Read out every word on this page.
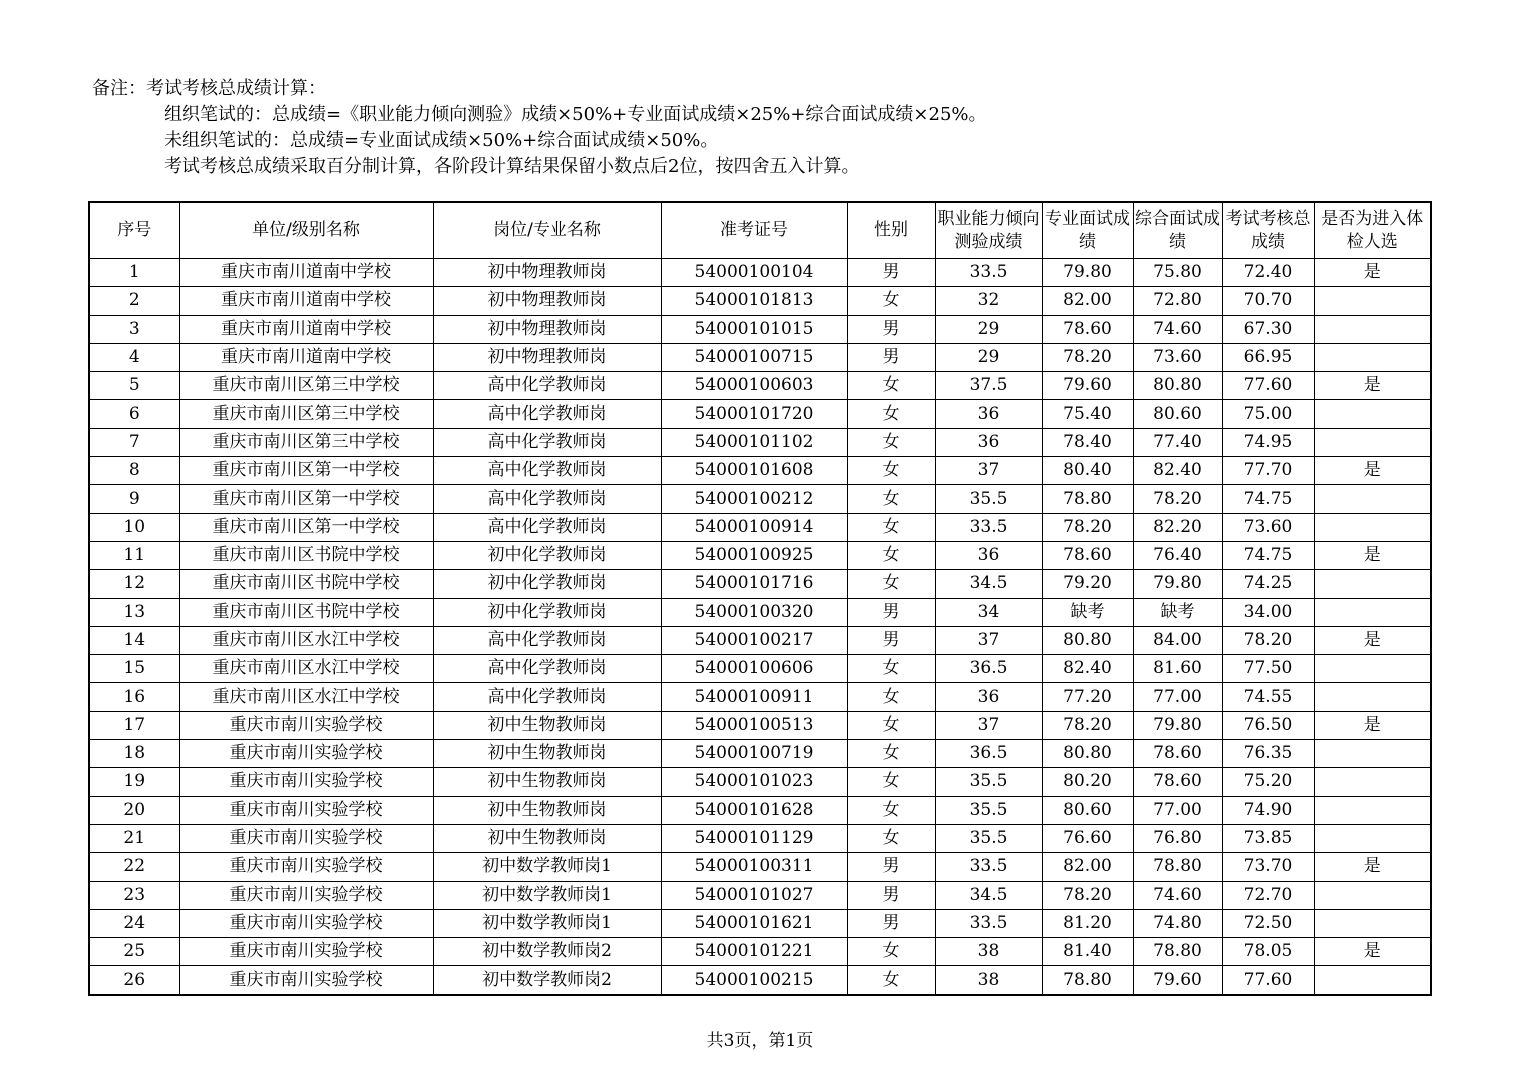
备注：考试考核总成绩计算：
组织笔试的：总成绩=《职业能力倾向测验》成绩×50%+专业面试成绩×25%+综合面试成绩×25%。
未组织笔试的：总成绩=专业面试成绩×50%+综合面试成绩×50%。
考试考核总成绩采取百分制计算，各阶段计算结果保留小数点后2位，按四舍五入计算。
序号	单位/级别名称	岗位/专业名称	准考证号	性别	职业能力倾向测验成绩	专业面试成绩	综合面试成绩	考试考核总成绩	是否为进入体检人选
1	重庆市南川道南中学校	初中物理教师岗	54000100104	男	33.5	79.80	75.80	72.40	是
2	重庆市南川道南中学校	初中物理教师岗	54000101813	女	32	82.00	72.80	70.70	
3	重庆市南川道南中学校	初中物理教师岗	54000101015	男	29	78.60	74.60	67.30	
4	重庆市南川道南中学校	初中物理教师岗	54000100715	男	29	78.20	73.60	66.95	
5	重庆市南川区第三中学校	高中化学教师岗	54000100603	女	37.5	79.60	80.80	77.60	是
6	重庆市南川区第三中学校	高中化学教师岗	54000101720	女	36	75.40	80.60	75.00	
7	重庆市南川区第三中学校	高中化学教师岗	54000101102	女	36	78.40	77.40	74.95	
8	重庆市南川区第一中学校	高中化学教师岗	54000101608	女	37	80.40	82.40	77.70	是
9	重庆市南川区第一中学校	高中化学教师岗	54000100212	女	35.5	78.80	78.20	74.75	
10	重庆市南川区第一中学校	高中化学教师岗	54000100914	女	33.5	78.20	82.20	73.60	
11	重庆市南川区书院中学校	初中化学教师岗	54000100925	女	36	78.60	76.40	74.75	是
12	重庆市南川区书院中学校	初中化学教师岗	54000101716	女	34.5	79.20	79.80	74.25	
13	重庆市南川区书院中学校	初中化学教师岗	54000100320	男	34	缺考	缺考	34.00	
14	重庆市南川区水江中学校	高中化学教师岗	54000100217	男	37	80.80	84.00	78.20	是
15	重庆市南川区水江中学校	高中化学教师岗	54000100606	女	36.5	82.40	81.60	77.50	
16	重庆市南川区水江中学校	高中化学教师岗	54000100911	女	36	77.20	77.00	74.55	
17	重庆市南川实验学校	初中生物教师岗	54000100513	女	37	78.20	79.80	76.50	是
18	重庆市南川实验学校	初中生物教师岗	54000100719	女	36.5	80.80	78.60	76.35	
19	重庆市南川实验学校	初中生物教师岗	54000101023	女	35.5	80.20	78.60	75.20	
20	重庆市南川实验学校	初中生物教师岗	54000101628	女	35.5	80.60	77.00	74.90	
21	重庆市南川实验学校	初中生物教师岗	54000101129	女	35.5	76.60	76.80	73.85	
22	重庆市南川实验学校	初中数学教师岗1	54000100311	男	33.5	82.00	78.80	73.70	是
23	重庆市南川实验学校	初中数学教师岗1	54000101027	男	34.5	78.20	74.60	72.70	
24	重庆市南川实验学校	初中数学教师岗1	54000101621	男	33.5	81.20	74.80	72.50	
25	重庆市南川实验学校	初中数学教师岗2	54000101221	女	38	81.40	78.80	78.05	是
26	重庆市南川实验学校	初中数学教师岗2	54000100215	女	38	78.80	79.60	77.60	
共3页，第1页
